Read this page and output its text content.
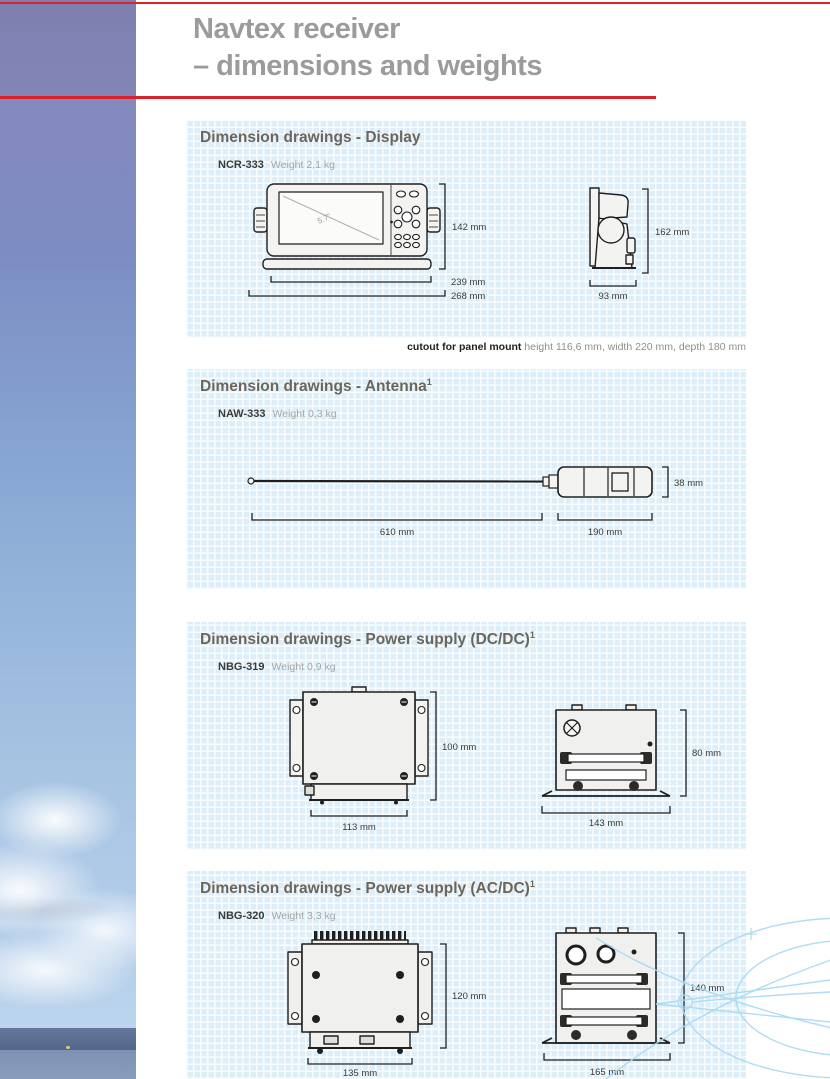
Navtex receiver
– dimensions and weights
Dimension drawings - Display
NCR-333 Weight 2,1 kg
5.7"
142 mm
239 mm
268 mm
162 mm
93 mm
cutout for panel mount height 116,6 mm, width 220 mm, depth 180 mm
Dimension drawings - Antenna$^1$
NAW-333 Weight 0,3 kg
38 mm
610 mm	190 mm
Dimension drawings - Power supply $(DC/DC)^1$
NBG-319 Weight 0,9 kg
100 mm
113 mm
80 mm
143 mm
Dimension drawings - Power supply $(AC/DC)^1$
NBG-320 Weight 3,3 kg
120 mm
135 mm
140 mm
165 mm
